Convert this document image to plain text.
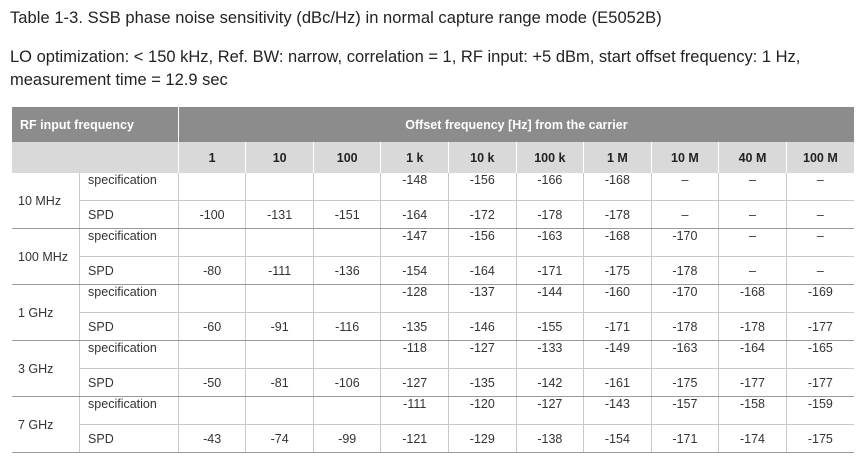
Table 1-3. SSB phase noise sensitivity (dBc/Hz) in normal capture range mode (E5052B)
LO optimization: < 150 kHz, Ref. BW: narrow, correlation = 1, RF input: +5 dBm, start offset frequency: 1 Hz, measurement time = 12.9 sec
RF input frequency		Offset frequency [Hz] from the carrier									
		1	10	100	1 k	10 k	100 k	1 M	10 M	40 M	100 M
10 MHz	specification				-148	-156	-166	-168	–	–	–
	SPD	-100	-131	-151	-164	-172	-178	-178	–	–	–
100 MHz	specification				-147	-156	-163	-168	-170	–	–
	SPD	-80	-111	-136	-154	-164	-171	-175	-178	–	–
1 GHz	specification				-128	-137	-144	-160	-170	-168	-169
	SPD	-60	-91	-116	-135	-146	-155	-171	-178	-178	-177
3 GHz	specification				-118	-127	-133	-149	-163	-164	-165
	SPD	-50	-81	-106	-127	-135	-142	-161	-175	-177	-177
7 GHz	specification				-111	-120	-127	-143	-157	-158	-159
	SPD	-43	-74	-99	-121	-129	-138	-154	-171	-174	-175
